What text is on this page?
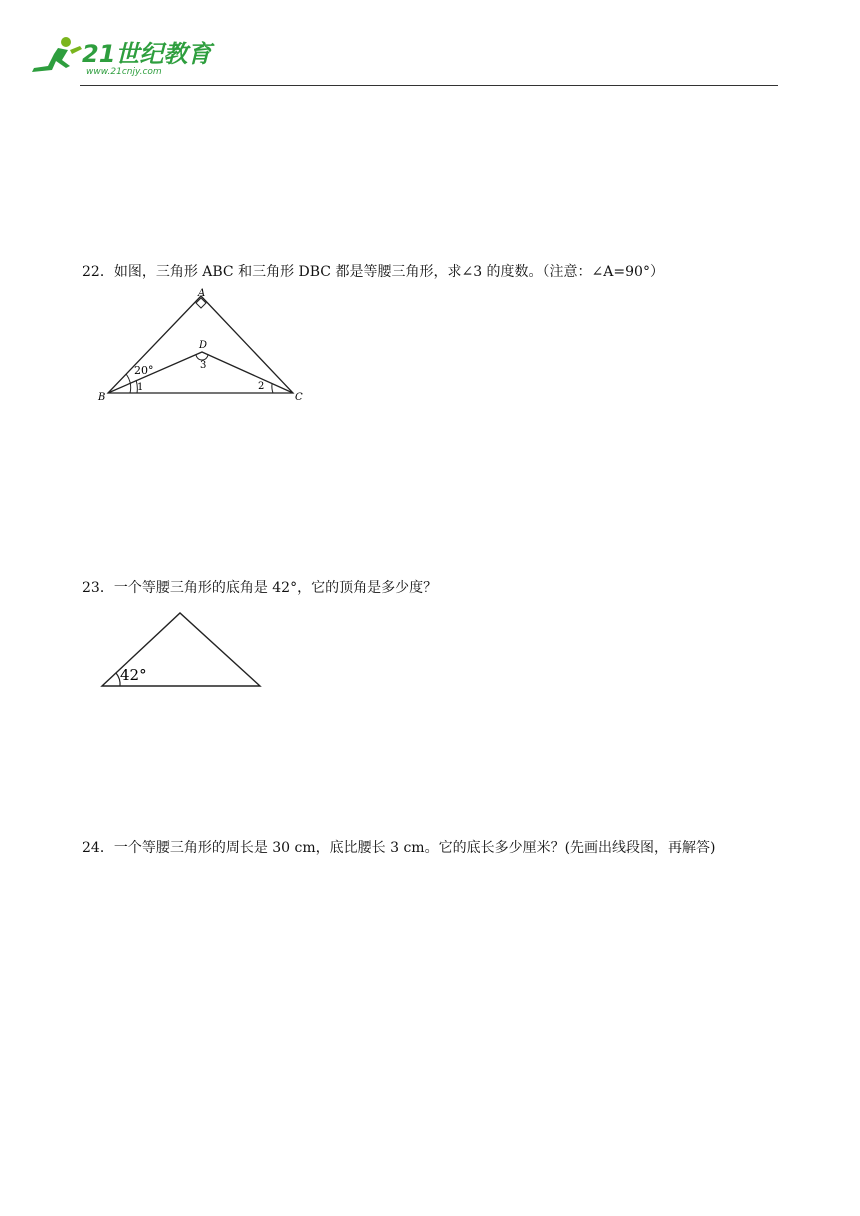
21世纪教育
www.21cnjy.com
22．如图，三角形 ABC 和三角形 DBC 都是等腰三角形，求∠3 的度数。（注意：∠A=90°）
A
D
B	C
20°
1	2
3
23．一个等腰三角形的底角是 42°，它的顶角是多少度？
42°
24．一个等腰三角形的周长是 30 cm，底比腰长 3 cm。它的底长多少厘米？(先画出线段图，再解答)
